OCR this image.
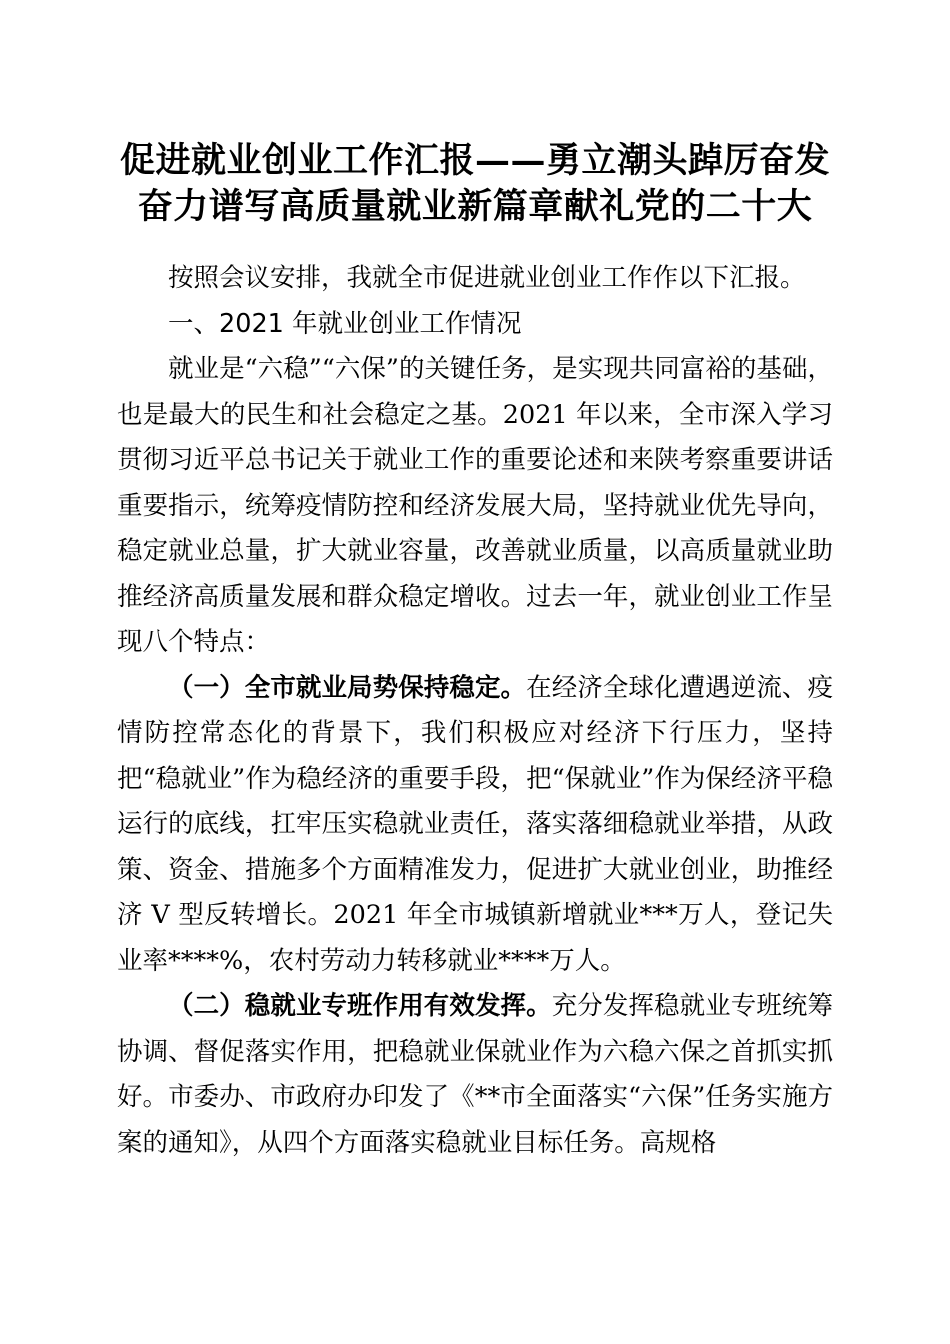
促进就业创业工作汇报——勇立潮头踔厉奋发
奋力谱写高质量就业新篇章献礼党的二十大

按照会议安排，我就全市促进就业创业工作作以下汇报。

一、2021 年就业创业工作情况

就业是“六稳”“六保”的关键任务，是实现共同富裕的基础，也是最大的民生和社会稳定之基。2021 年以来，全市深入学习贯彻习近平总书记关于就业工作的重要论述和来陕考察重要讲话重要指示，统筹疫情防控和经济发展大局，坚持就业优先导向，稳定就业总量，扩大就业容量，改善就业质量，以高质量就业助推经济高质量发展和群众稳定增收。过去一年，就业创业工作呈现八个特点：

（一）全市就业局势保持稳定。在经济全球化遭遇逆流、疫情防控常态化的背景下，我们积极应对经济下行压力，坚持把“稳就业”作为稳经济的重要手段，把“保就业”作为保经济平稳运行的底线，扛牢压实稳就业责任，落实落细稳就业举措，从政策、资金、措施多个方面精准发力，促进扩大就业创业，助推经济 V 型反转增长。2021 年全市城镇新增就业***万人，登记失业率****%，农村劳动力转移就业****万人。

（二）稳就业专班作用有效发挥。充分发挥稳就业专班统筹协调、督促落实作用，把稳就业保就业作为六稳六保之首抓实抓好。市委办、市政府办印发了《**市全面落实“六保”任务实施方案的通知》，从四个方面落实稳就业目标任务。高规格
